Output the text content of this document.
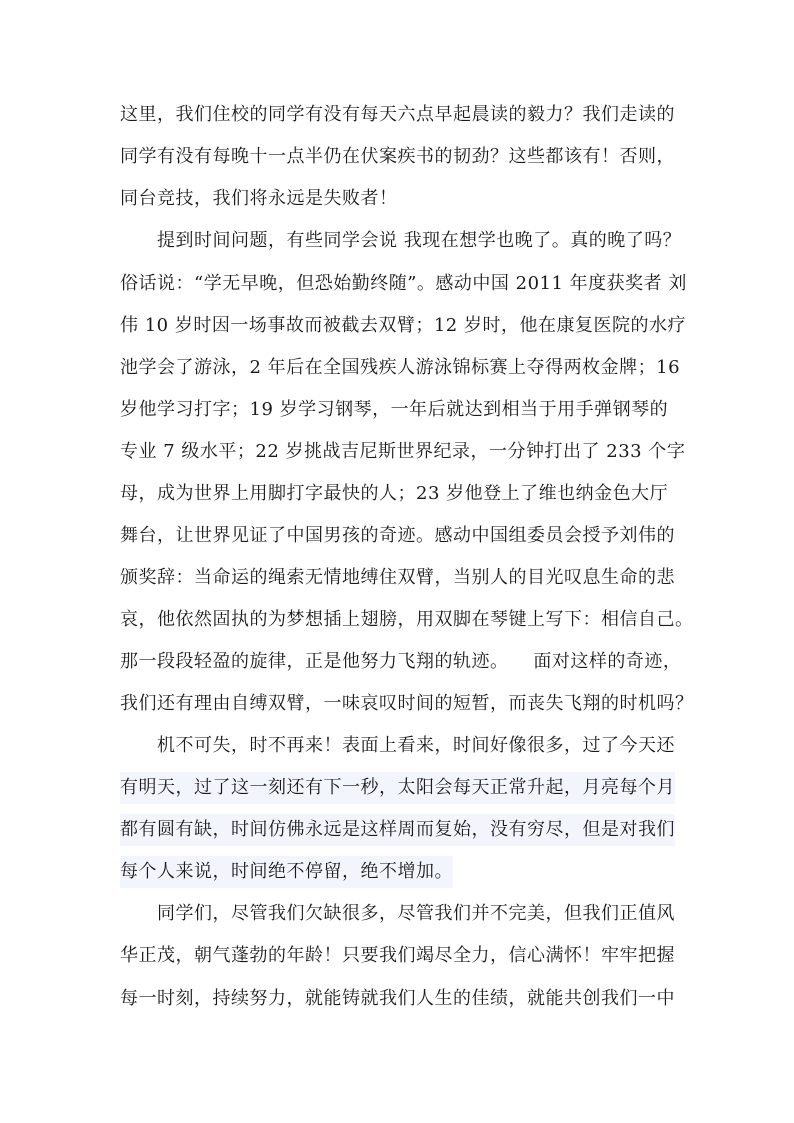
这里，我们住校的同学有没有每天六点早起晨读的毅力？我们走读的
同学有没有每晚十一点半仍在伏案疾书的韧劲？这些都该有！否则，
同台竞技，我们将永远是失败者！
提到时间问题，有些同学会说 我现在想学也晚了。真的晚了吗？
俗话说：“学无早晚，但恐始勤终随”。感动中国 2011 年度获奖者 刘
伟 10 岁时因一场事故而被截去双臂；12 岁时，他在康复医院的水疗
池学会了游泳，2 年后在全国残疾人游泳锦标赛上夺得两枚金牌；16
岁他学习打字；19 岁学习钢琴，一年后就达到相当于用手弹钢琴的
专业 7 级水平；22 岁挑战吉尼斯世界纪录，一分钟打出了 233 个字
母，成为世界上用脚打字最快的人；23 岁他登上了维也纳金色大厅
舞台，让世界见证了中国男孩的奇迹。感动中国组委员会授予刘伟的
颁奖辞：当命运的绳索无情地缚住双臂，当别人的目光叹息生命的悲
哀，他依然固执的为梦想插上翅膀，用双脚在琴键上写下：相信自己。
那一段段轻盈的旋律，正是他努力飞翔的轨迹。    面对这样的奇迹，
我们还有理由自缚双臂，一味哀叹时间的短暂，而丧失飞翔的时机吗？
机不可失，时不再来！表面上看来，时间好像很多，过了今天还
有明天，过了这一刻还有下一秒，太阳会每天正常升起，月亮每个月
都有圆有缺，时间仿佛永远是这样周而复始，没有穷尽，但是对我们
每个人来说，时间绝不停留，绝不增加。
同学们，尽管我们欠缺很多，尽管我们并不完美，但我们正值风
华正茂，朝气蓬勃的年龄！只要我们竭尽全力，信心满怀！牢牢把握
每一时刻，持续努力，就能铸就我们人生的佳绩，就能共创我们一中
